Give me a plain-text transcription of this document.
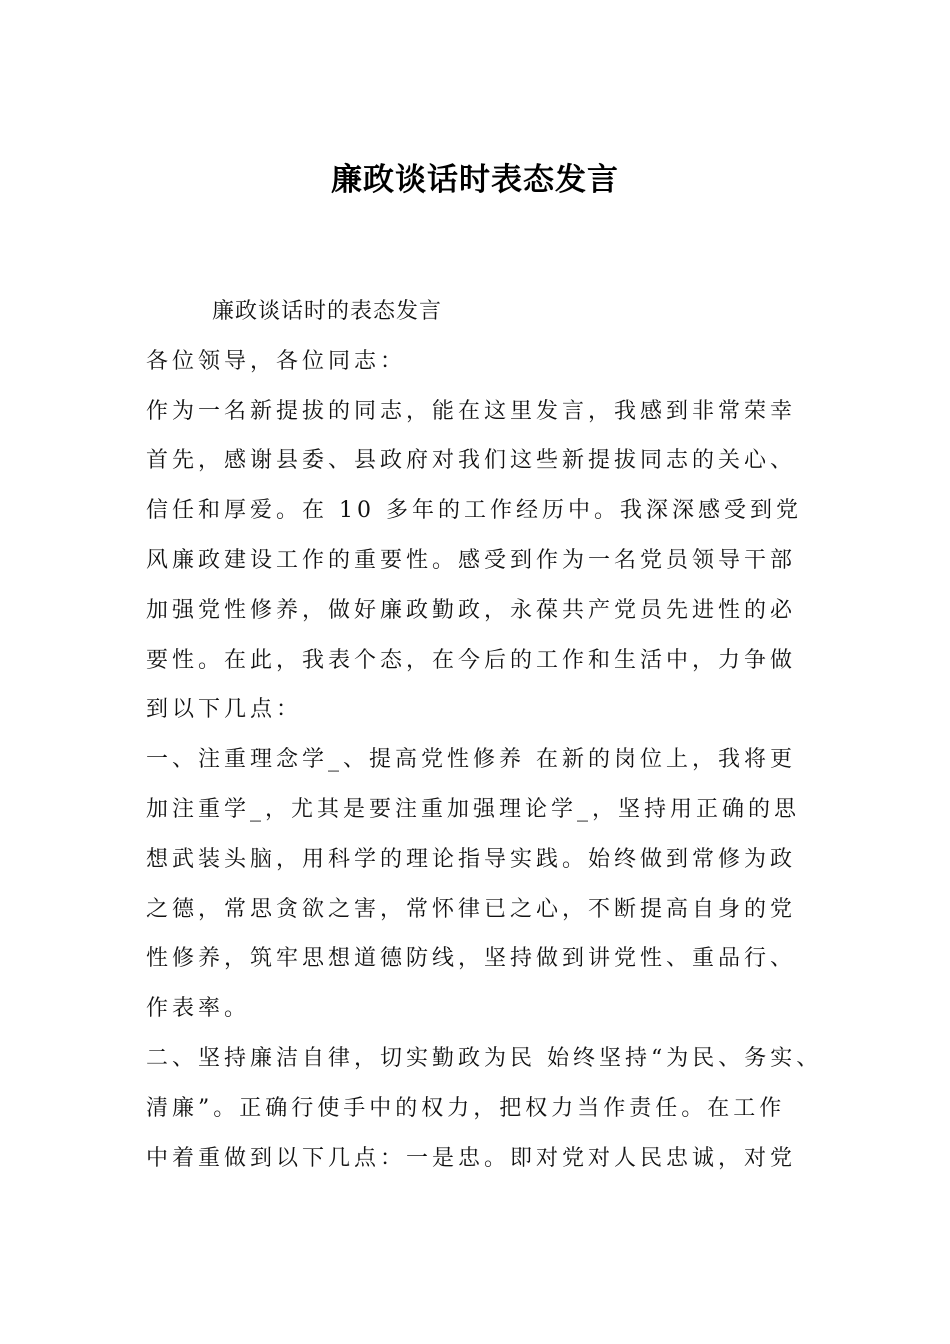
廉政谈话时表态发言
廉政谈话时的表态发言
各位领导，各位同志：
作为一名新提拔的同志，能在这里发言，我感到非常荣幸
首先，感谢县委、县政府对我们这些新提拔同志的关心、
信任和厚爱。在 10 多年的工作经历中。我深深感受到党
风廉政建设工作的重要性。感受到作为一名党员领导干部
加强党性修养，做好廉政勤政，永葆共产党员先进性的必
要性。在此，我表个态，在今后的工作和生活中，力争做
到以下几点：
一、注重理念学_、提高党性修养 在新的岗位上，我将更
加注重学_，尤其是要注重加强理论学_，坚持用正确的思
想武装头脑，用科学的理论指导实践。始终做到常修为政
之德，常思贪欲之害，常怀律已之心，不断提高自身的党
性修养，筑牢思想道德防线，坚持做到讲党性、重品行、
作表率。
二、坚持廉洁自律，切实勤政为民 始终坚持“为民、务实、
清廉”。正确行使手中的权力，把权力当作责任。在工作
中着重做到以下几点：一是忠。即对党对人民忠诚，对党
